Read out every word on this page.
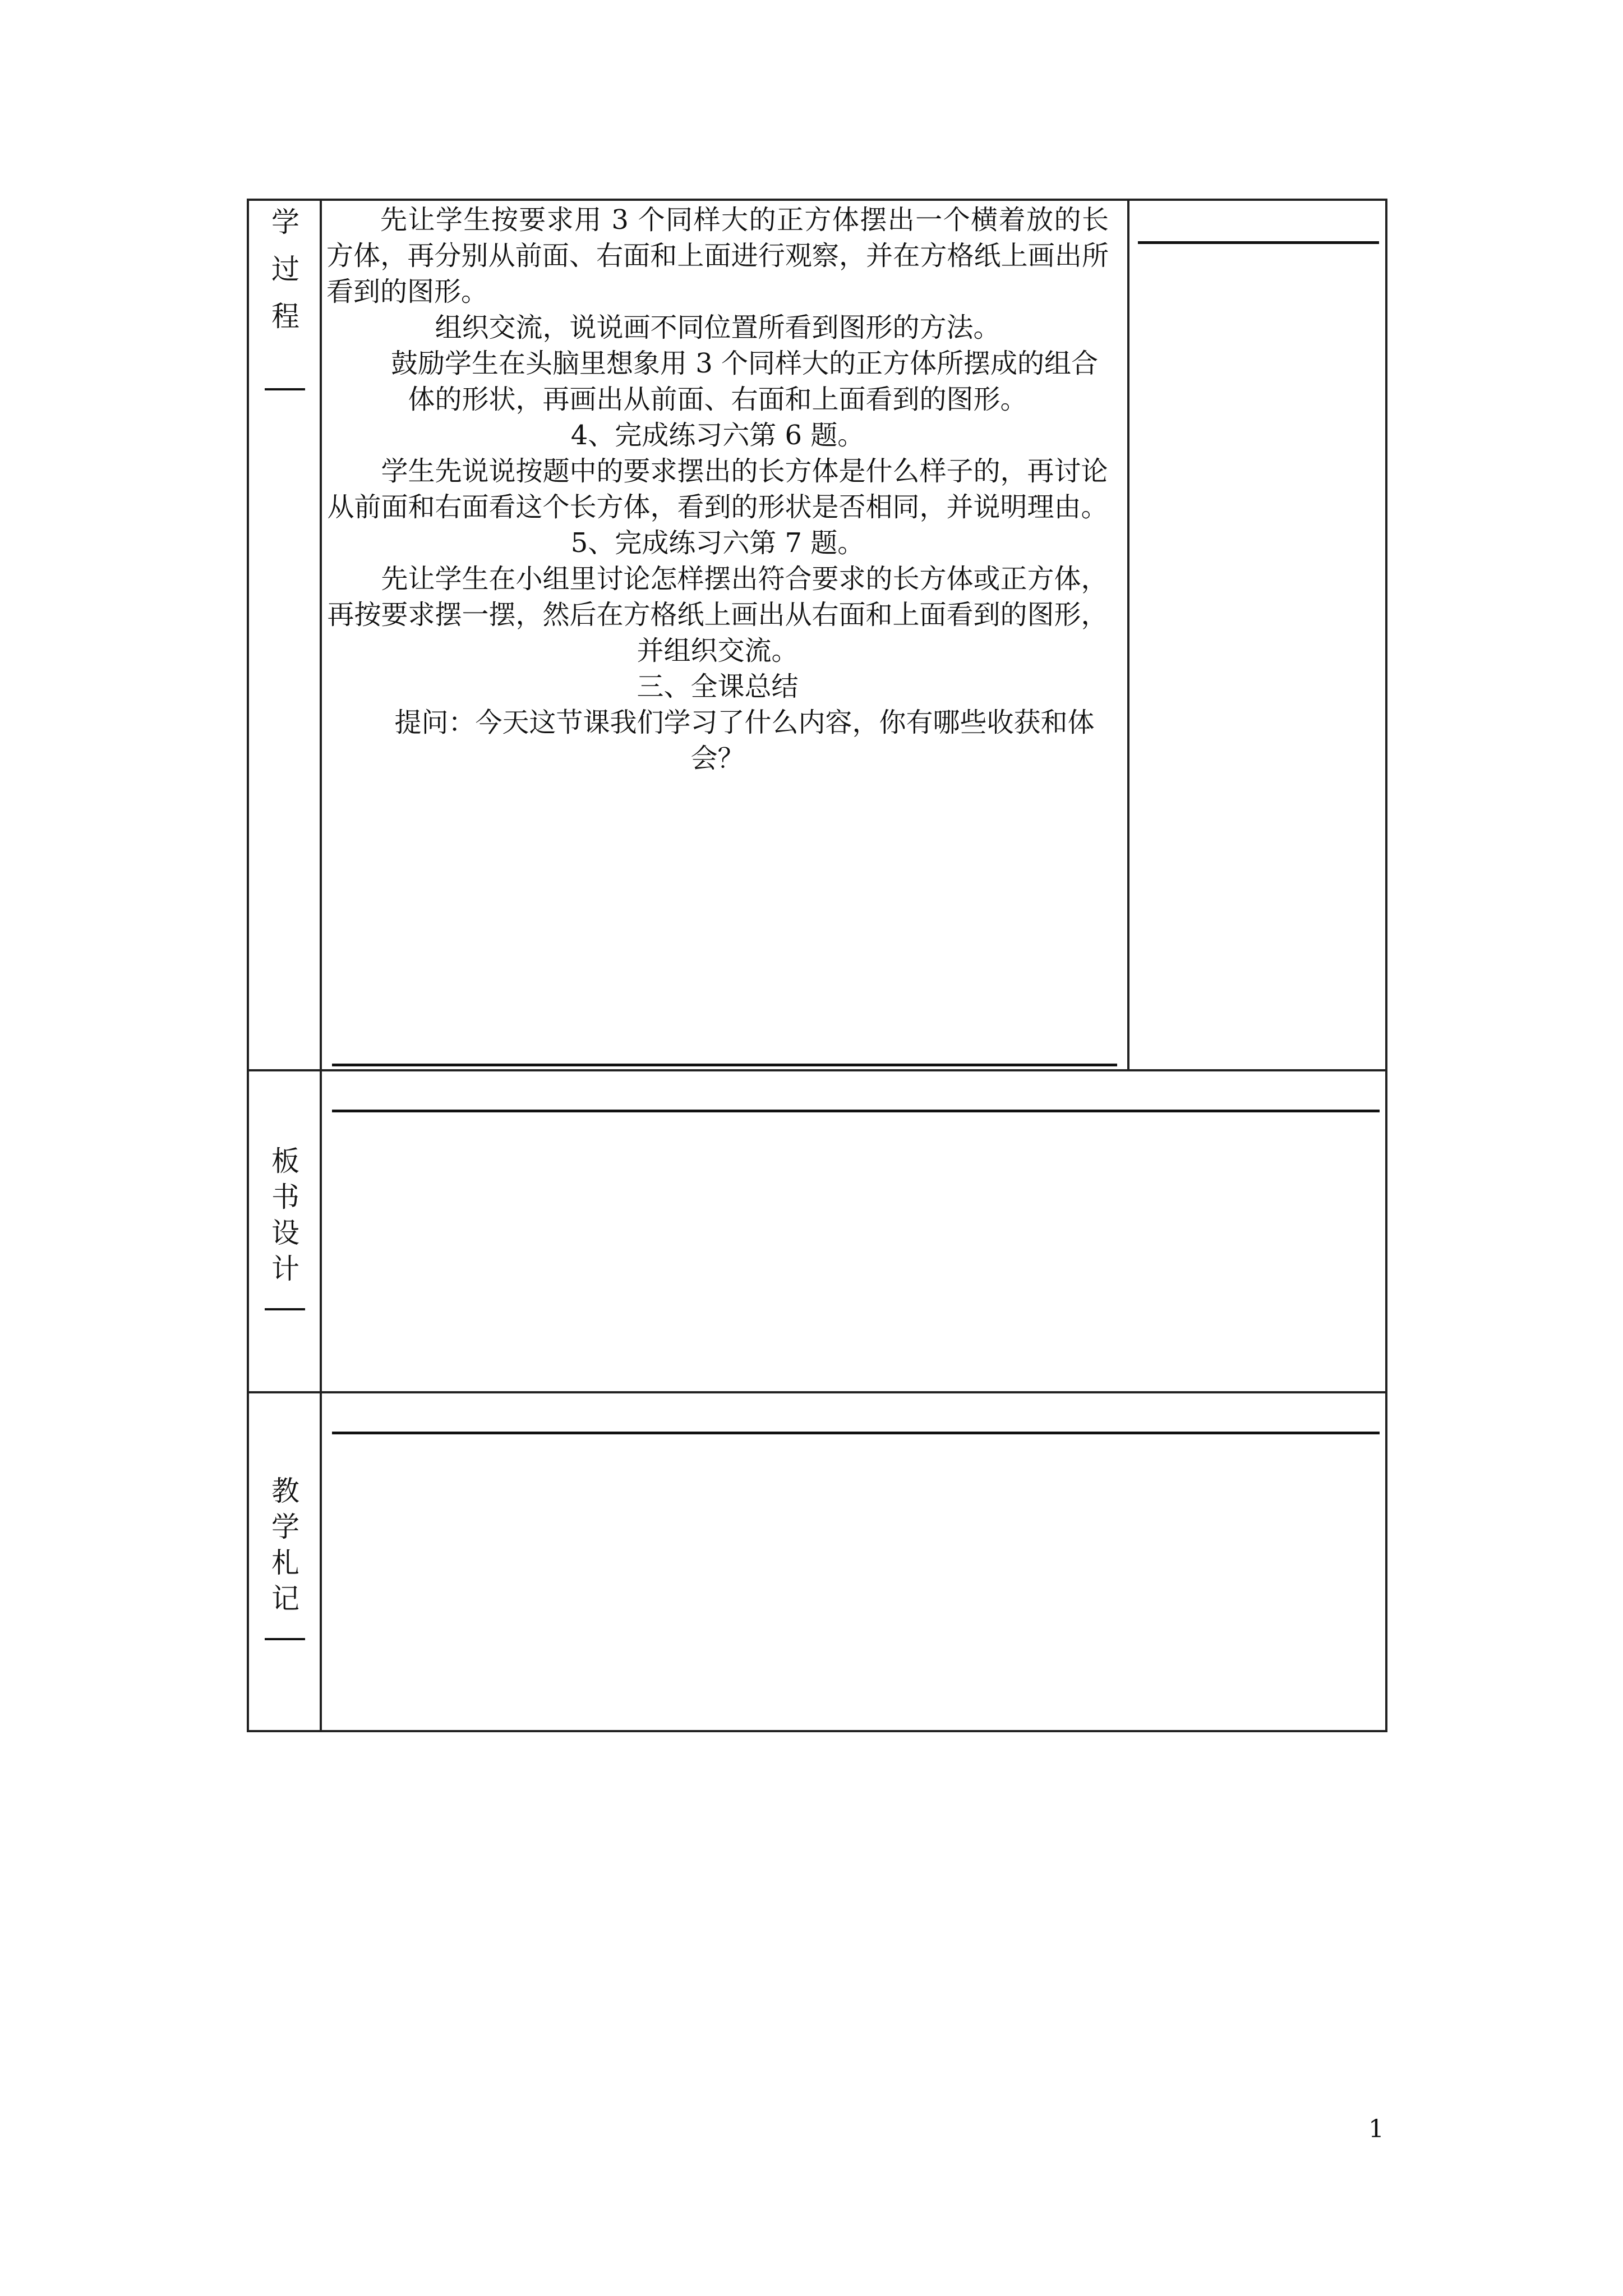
学
过
程

先让学生按要求用 3 个同样大的正方体摆出一个横着放的长方体，再分别从前面、右面和上面进行观察，并在方格纸上画出所看到的图形。

组织交流，说说画不同位置所看到图形的方法。

鼓励学生在头脑里想象用 3 个同样大的正方体所摆成的组合体的形状，再画出从前面、右面和上面看到的图形。

4、完成练习六第 6 题。

学生先说说按题中的要求摆出的长方体是什么样子的，再讨论从前面和右面看这个长方体，看到的形状是否相同，并说明理由。

5、完成练习六第 7 题。

先让学生在小组里讨论怎样摆出符合要求的长方体或正方体，再按要求摆一摆，然后在方格纸上画出从右面和上面看到的图形，并组织交流。

三、全课总结

提问：今天这节课我们学习了什么内容，你有哪些收获和体会？

板
书
设
计
教
学
札
记
1
